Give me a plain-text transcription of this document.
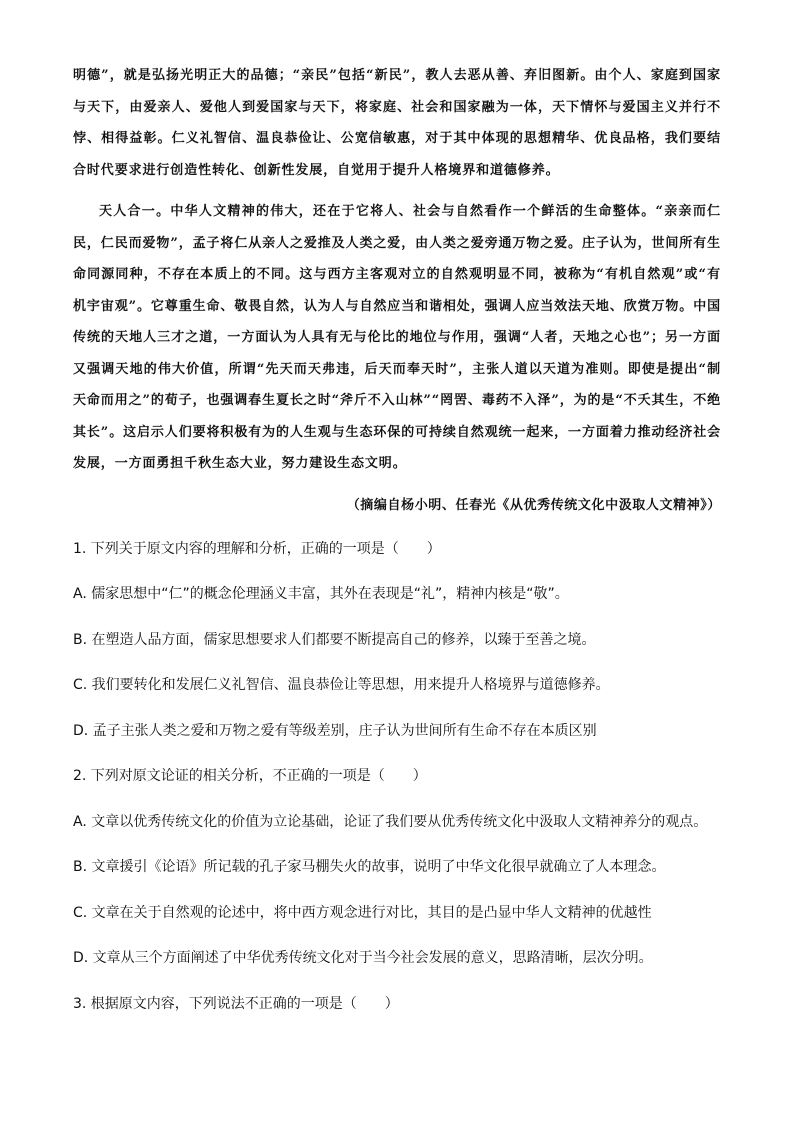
明德”，就是弘扬光明正大的品德；“亲民”包括“新民”，教人去恶从善、弃旧图新。由个人、家庭到国家与天下，由爱亲人、爱他人到爱国家与天下，将家庭、社会和国家融为一体，天下情怀与爱国主义并行不悖、相得益彰。仁义礼智信、温良恭俭让、公宽信敏惠，对于其中体现的思想精华、优良品格，我们要结合时代要求进行创造性转化、创新性发展，自觉用于提升人格境界和道德修养。

天人合一。中华人文精神的伟大，还在于它将人、社会与自然看作一个鲜活的生命整体。“亲亲而仁民，仁民而爱物”，孟子将仁从亲人之爱推及人类之爱，由人类之爱旁通万物之爱。庄子认为，世间所有生命同源同种，不存在本质上的不同。这与西方主客观对立的自然观明显不同，被称为“有机自然观”或“有机宇宙观”。它尊重生命、敬畏自然，认为人与自然应当和谐相处，强调人应当效法天地、欣赏万物。中国传统的天地人三才之道，一方面认为人具有无与伦比的地位与作用，强调“人者，天地之心也”；另一方面又强调天地的伟大价值，所谓“先天而天弗违，后天而奉天时”，主张人道以天道为准则。即使是提出“制天命而用之”的荀子，也强调春生夏长之时“斧斤不入山林”“罔罟、毒药不入泽”，为的是“不夭其生，不绝其长”。这启示人们要将积极有为的人生观与生态环保的可持续自然观统一起来，一方面着力推动经济社会发展，一方面勇担千秋生态大业，努力建设生态文明。

（摘编自杨小明、任春光《从优秀传统文化中汲取人文精神》）
1. 下列关于原文内容的理解和分析，正确的一项是（　　）
A. 儒家思想中“仁”的概念伦理涵义丰富，其外在表现是“礼”，精神内核是“敬”。
B. 在塑造人品方面，儒家思想要求人们都要不断提高自己的修养，以臻于至善之境。
C. 我们要转化和发展仁义礼智信、温良恭俭让等思想，用来提升人格境界与道德修养。
D. 孟子主张人类之爱和万物之爱有等级差别，庄子认为世间所有生命不存在本质区别
2. 下列对原文论证的相关分析，不正确的一项是（　　）
A. 文章以优秀传统文化的价值为立论基础，论证了我们要从优秀传统文化中汲取人文精神养分的观点。
B. 文章援引《论语》所记载的孔子家马棚失火的故事，说明了中华文化很早就确立了人本理念。
C. 文章在关于自然观的论述中，将中西方观念进行对比，其目的是凸显中华人文精神的优越性
D. 文章从三个方面阐述了中华优秀传统文化对于当今社会发展的意义，思路清晰，层次分明。
3. 根据原文内容，下列说法不正确的一项是（　　）
